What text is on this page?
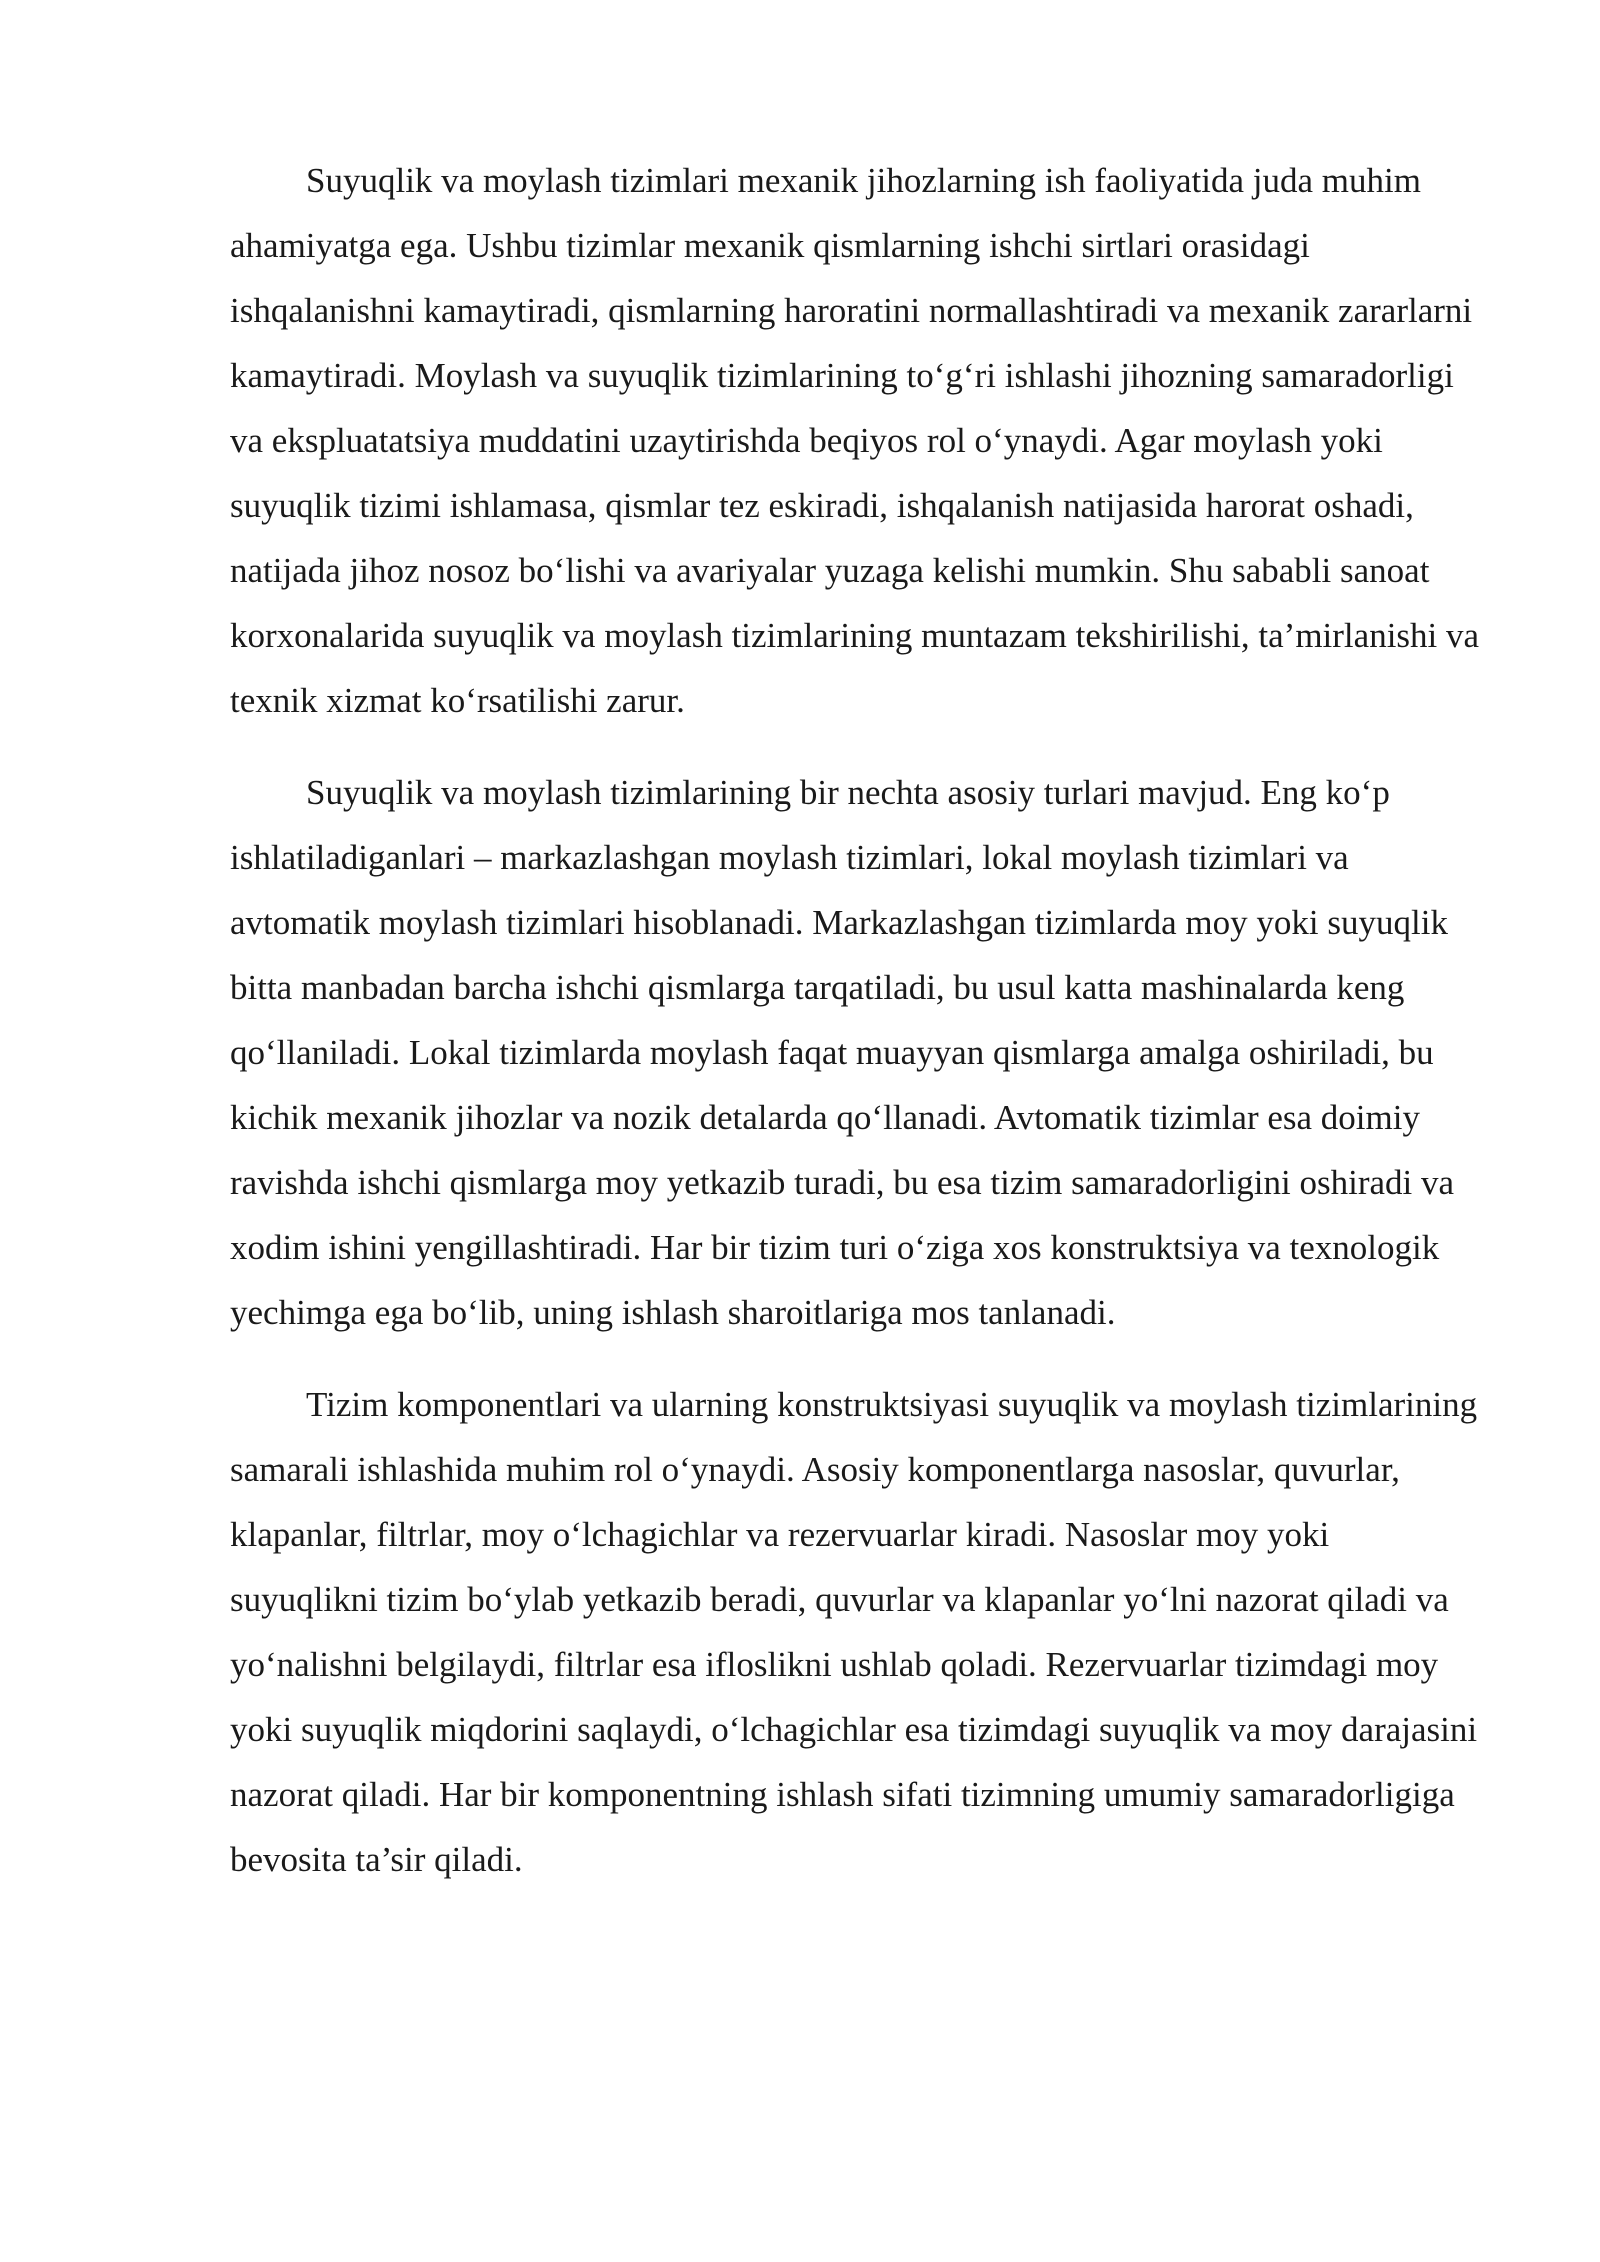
Suyuqlik va moylash tizimlari mexanik jihozlarning ish faoliyatida juda muhim ahamiyatga ega. Ushbu tizimlar mexanik qismlarning ishchi sirtlari orasidagi ishqalanishni kamaytiradi, qismlarning haroratini normallashtiradi va mexanik zararlarni kamaytiradi. Moylash va suyuqlik tizimlarining to‘g‘ri ishlashi jihozning samaradorligi va ekspluatatsiya muddatini uzaytirishda beqiyos rol o‘ynaydi. Agar moylash yoki suyuqlik tizimi ishlamasa, qismlar tez eskiradi, ishqalanish natijasida harorat oshadi, natijada jihoz nosoz bo‘lishi va avariyalar yuzaga kelishi mumkin. Shu sababli sanoat korxonalarida suyuqlik va moylash tizimlarining muntazam tekshirilishi, ta’mirlanishi va texnik xizmat ko‘rsatilishi zarur.

Suyuqlik va moylash tizimlarining bir nechta asosiy turlari mavjud. Eng ko‘p ishlatiladiganlari – markazlashgan moylash tizimlari, lokal moylash tizimlari va avtomatik moylash tizimlari hisoblanadi. Markazlashgan tizimlarda moy yoki suyuqlik bitta manbadan barcha ishchi qismlarga tarqatiladi, bu usul katta mashinalarda keng qo‘llaniladi. Lokal tizimlarda moylash faqat muayyan qismlarga amalga oshiriladi, bu kichik mexanik jihozlar va nozik detalarda qo‘llanadi. Avtomatik tizimlar esa doimiy ravishda ishchi qismlarga moy yetkazib turadi, bu esa tizim samaradorligini oshiradi va xodim ishini yengillashtiradi. Har bir tizim turi o‘ziga xos konstruktsiya va texnologik yechimga ega bo‘lib, uning ishlash sharoitlariga mos tanlanadi.

Tizim komponentlari va ularning konstruktsiyasi suyuqlik va moylash tizimlarining samarali ishlashida muhim rol o‘ynaydi. Asosiy komponentlarga nasoslar, quvurlar, klapanlar, filtrlar, moy o‘lchagichlar va rezervuarlar kiradi. Nasoslar moy yoki suyuqlikni tizim bo‘ylab yetkazib beradi, quvurlar va klapanlar yo‘lni nazorat qiladi va yo‘nalishni belgilaydi, filtrlar esa ifloslikni ushlab qoladi. Rezervuarlar tizimdagi moy yoki suyuqlik miqdorini saqlaydi, o‘lchagichlar esa tizimdagi suyuqlik va moy darajasini nazorat qiladi. Har bir komponentning ishlash sifati tizimning umumiy samaradorligiga bevosita ta’sir qiladi.
